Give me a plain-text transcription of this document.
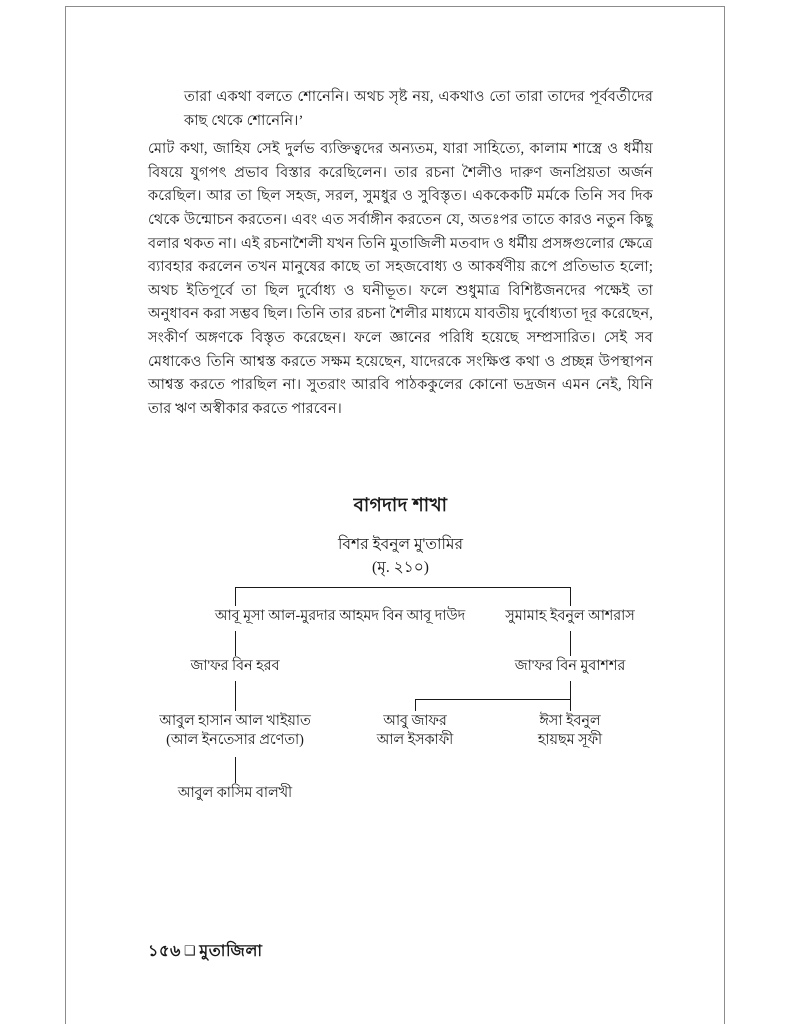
তারা একথা বলতে শোনেনি। অথচ সৃষ্ট নয়, একথাও তো তারা তাদের পূর্ববর্তীদের কাছ থেকে শোনেনি।’

মোট কথা, জাহিয সেই দুর্লভ ব্যক্তিত্বদের অন্যতম, যারা সাহিত্যে, কালাম শাস্ত্রে ও ধর্মীয় বিষয়ে যুগপৎ প্রভাব বিস্তার করেছিলেন। তার রচনা শৈলীও দারুণ জনপ্রিয়তা অর্জন করেছিল। আর তা ছিল সহজ, সরল, সুমধুর ও সুবিস্তৃত। এককেকটি মর্মকে তিনি সব দিক থেকে উন্মোচন করতেন। এবং এত সর্বাঙ্গীন করতেন যে, অতঃপর তাতে কারও নতুন কিছু বলার থকত না। এই রচনাশৈলী যখন তিনি মুতাজিলী মতবাদ ও ধর্মীয় প্রসঙ্গগুলোর ক্ষেত্রে ব্যাবহার করলেন তখন মানুষের কাছে তা সহজবোধ্য ও আকর্ষণীয় রূপে প্রতিভাত হলো; অথচ ইতিপূর্বে তা ছিল দুর্বোধ্য ও ঘনীভূত। ফলে শুধুমাত্র বিশিষ্টজনদের পক্ষেই তা অনুধাবন করা সম্ভব ছিল। তিনি তার রচনা শৈলীর মাধ্যমে যাবতীয় দুর্বোধ্যতা দূর করেছেন, সংকীর্ণ অঙ্গণকে বিস্তৃত করেছেন। ফলে জ্ঞানের পরিধি হয়েছে সম্প্রসারিত। সেই সব মেধাকেও তিনি আশ্বস্ত করতে সক্ষম হয়েছেন, যাদেরকে সংক্ষিপ্ত কথা ও প্রচ্ছন্ন উপস্থাপন আশ্বস্ত করতে পারছিল না। সুতরাং আরবি পাঠককুলের কোনো ভদ্রজন এমন নেই, যিনি তার ঋণ অস্বীকার করতে পারবেন।

বাগদাদ শাখা

বিশর ইবনুল মু'তামির

(মৃ. ২১০)

আবূ মূসা আল-মুরদার আহমদ বিন আবূ দাউদ	সুমামাহ ইবনুল আশরাস
জা'ফর বিন হরব	জা'ফর বিন মুবাশশর
আবুল হাসান আল খাইয়াত
(আল ইনতেসার প্রণেতা)
আবু জাফর
আল ইসকাফী
ঈসা ইবনুল
হায়ছম সূফী
আবুল কাসিম বালখী
১৫৬ ❑ মুতাজিলা
